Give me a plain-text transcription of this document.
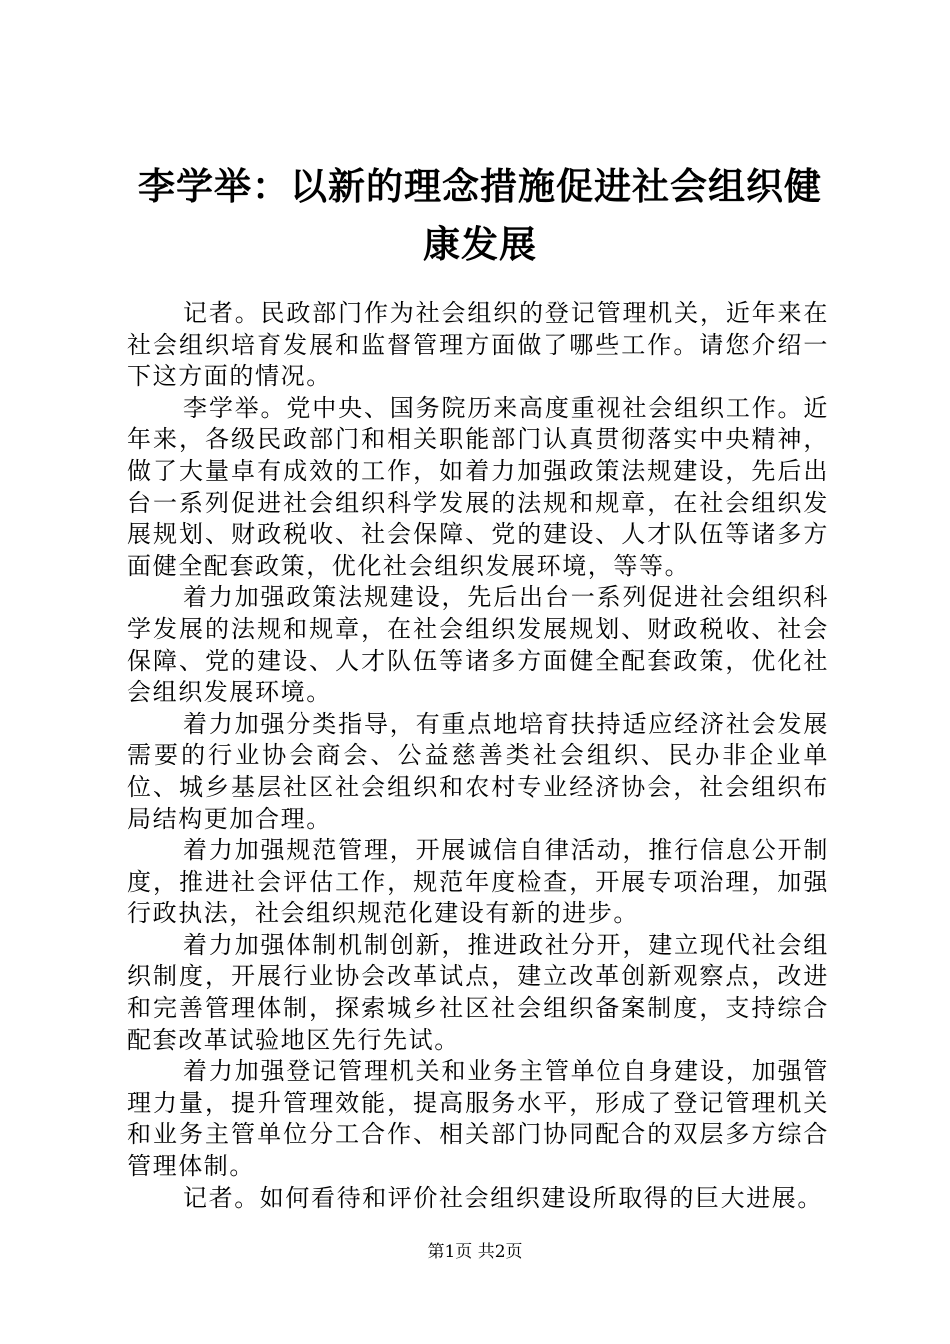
李学举：以新的理念措施促进社会组织健康发展

记者。民政部门作为社会组织的登记管理机关，近年来在社会组织培育发展和监督管理方面做了哪些工作。请您介绍一下这方面的情况。

李学举。党中央、国务院历来高度重视社会组织工作。近年来，各级民政部门和相关职能部门认真贯彻落实中央精神，做了大量卓有成效的工作，如着力加强政策法规建设，先后出台一系列促进社会组织科学发展的法规和规章，在社会组织发展规划、财政税收、社会保障、党的建设、人才队伍等诸多方面健全配套政策，优化社会组织发展环境，等等。

着力加强政策法规建设，先后出台一系列促进社会组织科学发展的法规和规章，在社会组织发展规划、财政税收、社会保障、党的建设、人才队伍等诸多方面健全配套政策，优化社会组织发展环境。

着力加强分类指导，有重点地培育扶持适应经济社会发展需要的行业协会商会、公益慈善类社会组织、民办非企业单位、城乡基层社区社会组织和农村专业经济协会，社会组织布局结构更加合理。

着力加强规范管理，开展诚信自律活动，推行信息公开制度，推进社会评估工作，规范年度检查，开展专项治理，加强行政执法，社会组织规范化建设有新的进步。

着力加强体制机制创新，推进政社分开，建立现代社会组织制度，开展行业协会改革试点，建立改革创新观察点，改进和完善管理体制，探索城乡社区社会组织备案制度，支持综合配套改革试验地区先行先试。

着力加强登记管理机关和业务主管单位自身建设，加强管理力量，提升管理效能，提高服务水平，形成了登记管理机关和业务主管单位分工合作、相关部门协同配合的双层多方综合管理体制。

记者。如何看待和评价社会组织建设所取得的巨大进展。

第1页 共2页
